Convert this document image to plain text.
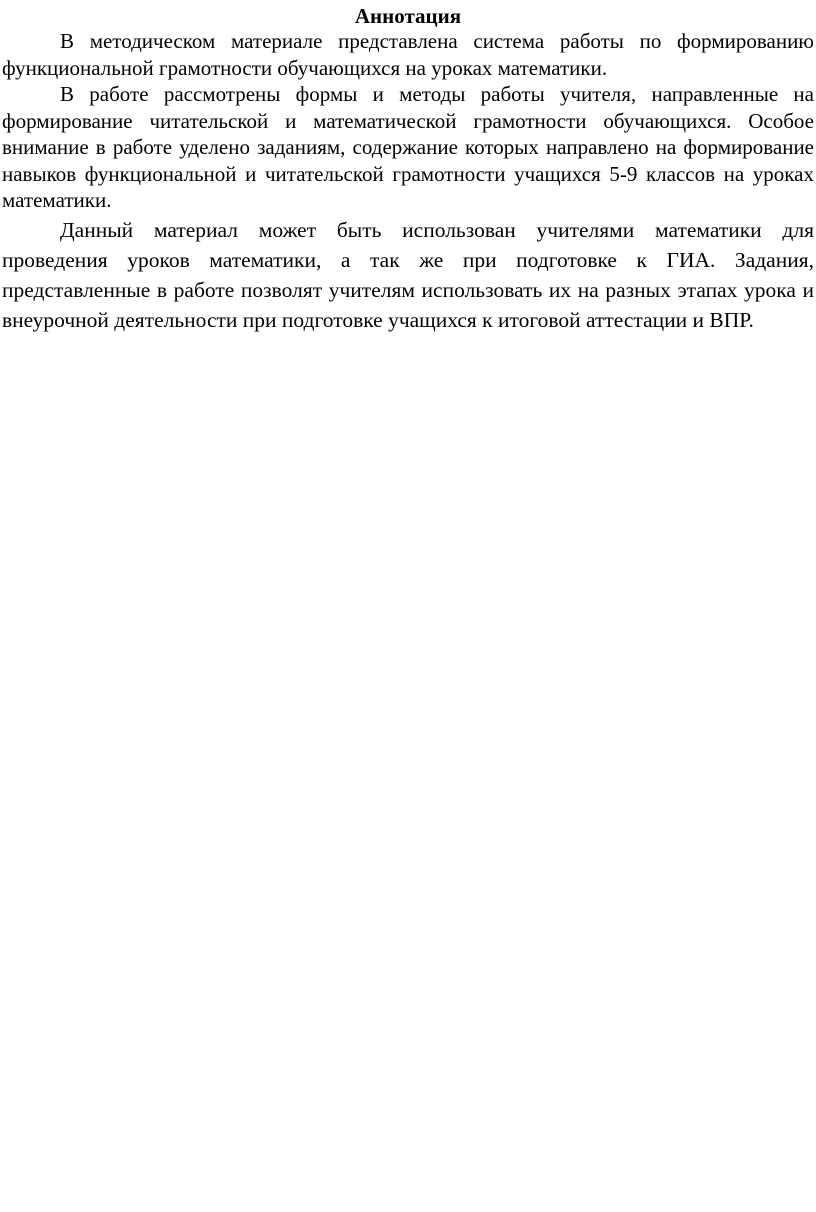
Аннотация

В методическом материале представлена система работы по формированию функциональной грамотности обучающихся на уроках математики.

В работе рассмотрены формы и методы работы учителя, направленные на формирование читательской и математической грамотности обучающихся. Особое внимание в работе уделено заданиям, содержание которых направлено на формирование навыков функциональной и читательской грамотности учащихся 5-9 классов на уроках математики.

Данный материал может быть использован учителями математики для проведения уроков математики, а так же при подготовке к ГИА. Задания, представленные в работе позволят учителям использовать их на разных этапах урока и внеурочной деятельности при подготовке учащихся к итоговой аттестации и ВПР.
